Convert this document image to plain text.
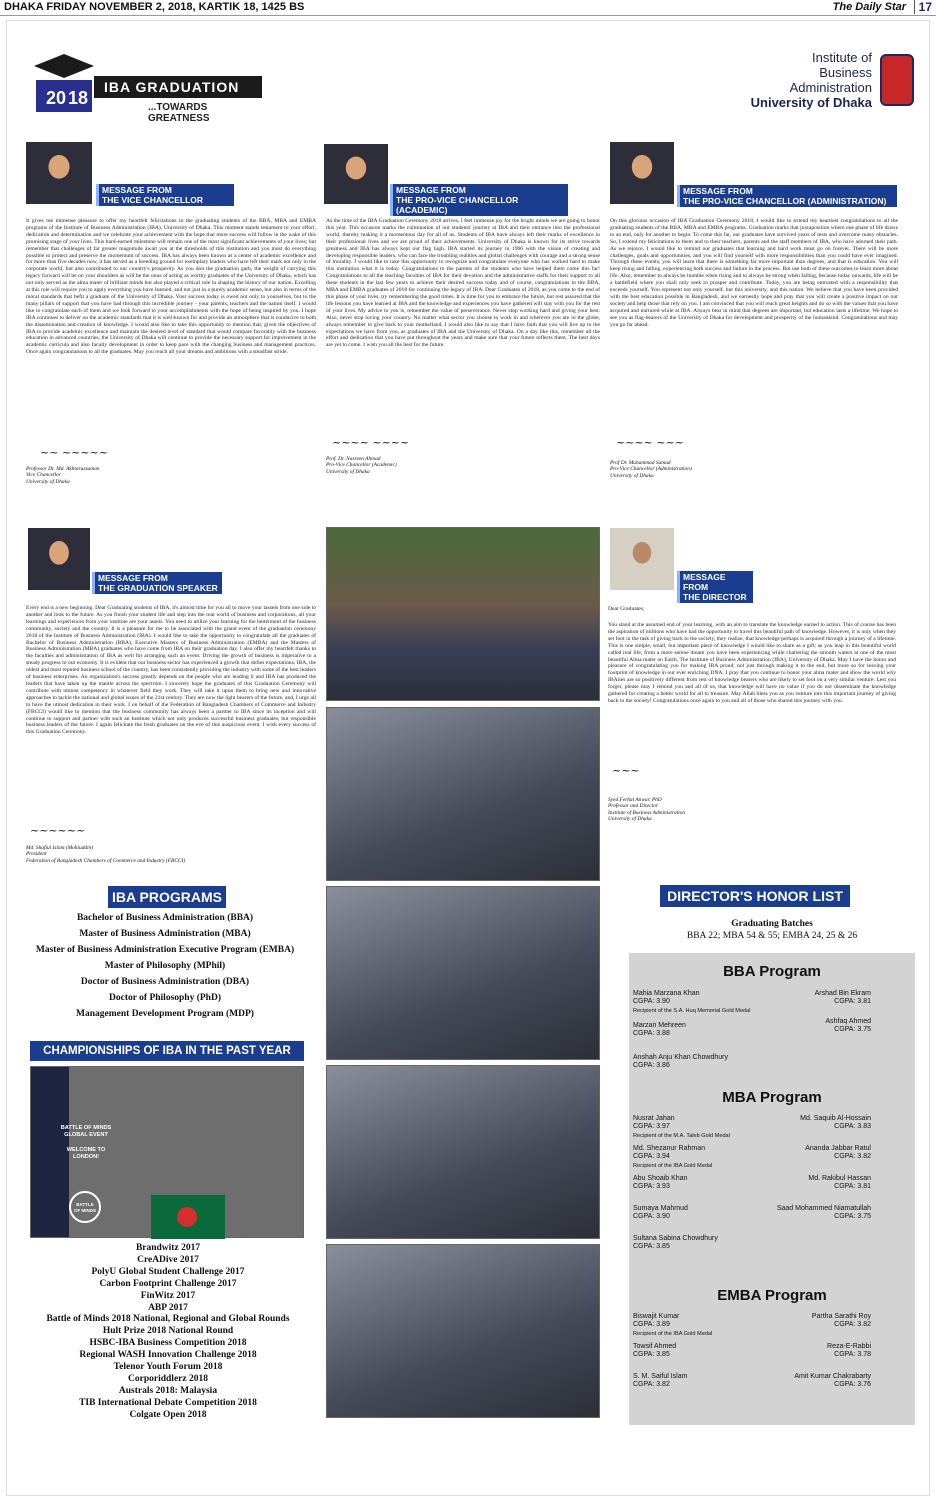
DHAKA FRIDAY NOVEMBER 2, 2018, KARTIK 18, 1425 BS	The Daily Star	17
20 18
IBA GRADUATION
...TOWARDS GREATNESS
Institute of
Business
Administration
University of Dhaka
MESSAGE FROM
THE VICE CHANCELLOR
It gives me immense pleasure to offer my heartfelt felicitations to the graduating students of the BBA, MBA and EMBA programs of the Institute of Business Administration (IBA), University of Dhaka. This moment stands testament to your effort, dedication and determination and we celebrate your achievement with the hope that more success will follow in the wake of this promising stage of your lives. This hard-earned milestone will remain one of the most significant achievements of your lives; but remember that challenges of far greater magnitude await you at the thresholds of this institution and you must do everything possible to protect and preserve the momentum of success. IBA has always been known as a center of academic excellence and for more than five decades now, it has served as a breeding ground for exemplary leaders who have left their mark not only in the corporate world, but also contributed to our country's prosperity. As you don the graduation garb, the weight of carrying this legacy forward will be on your shoulders as will be the onus of acting as worthy graduates of the University of Dhaka, which has not only served as the alma mater of brilliant minds but also played a critical role in shaping the history of our nation. Excelling at this role will require you to apply everything you have learned, and not just in a purely academic sense, but also in terms of the moral standards that befit a graduate of the University of Dhaka. Your success today is owed not only to yourselves, but to the many pillars of support that you have had through this incredible journey - your parents, teachers and the nation itself. I would like to congratulate each of them and we look forward to your accomplishments with the hope of being inspired by you. I hope IBA continues to deliver on the academic standards that it is well-known for and provide an atmosphere that is conducive to both the dissemination and creation of knowledge. I would also like to take this opportunity to mention that, given the objectives of IBA to provide academic excellence and maintain the desired level of standard that would compare favorably with the business education in advanced countries, the University of Dhaka will continue to provide the necessary support for improvement in the academic curricula and also faculty development in order to keep pace with the changing business and management practices. Once again congratulations to all the graduates. May you reach all your dreams and ambitions with a steadfast stride.
~~ ~~~~~
Professor Dr. Md. Akhtaruzzaman
Vice Chancellor
University of Dhaka
MESSAGE FROM
THE PRO-VICE CHANCELLOR (ACADEMIC)
As the time of the IBA Graduation Ceremony 2018 arrives, I feel immense joy for the bright minds we are going to honor this year. This occasion marks the culmination of our students' journey at IBA and their entrance into the professional world, thereby making it a momentous day for all of us. Students of IBA have always left their marks of excellence in their professional lives and we are proud of their achievements. University of Dhaka is known for its strive towards greatness and IBA has always kept our flag high. IBA started its journey in 1966 with the vision of creating and developing responsible leaders, who can face the troubling realities and global challenges with courage and a strong sense of morality. I would like to take this opportunity to recognize and congratulate everyone who has worked hard to make this institution what it is today. Congratulations to the parents of the students who have helped them come this far! Congratulations to all the teaching faculties of IBA for their devotion and the administrative staffs for their support to all these students in the last few years to achieve their desired success today and of course, congratulations to the BBA, MBA and EMBA graduates of 2018 for continuing the legacy of IBA. Dear Graduates of 2018, as you come to the end of this phase of your lives, try remembering the good times. It is time for you to embrace the future, but rest assured that the life lessons you have learned at IBA and the knowledge and experiences you have gathered will stay with you for the rest of your lives. My advice to you is, remember the value of perseverance. Never stop working hard and giving your best. Also, never stop loving your country. No matter what sector you choose to work in and wherever you are in the globe, always remember to give back to your motherland. I would also like to say that I have faith that you will live up to the expectations we have from you, as graduates of IBA and the University of Dhaka. On a day like this, remember all the effort and dedication that you have put throughout the years and make sure that your future reflects them. The best days are yet to come. I wish you all the best for the future.
~~~~ ~~~~
Prof. Dr. Nasreen Ahmad
Pro-Vice Chancellor (Academic)
University of Dhaka
MESSAGE FROM
THE PRO-VICE CHANCELLOR (ADMINISTRATION)
On this glorious occasion of IBA Graduation Ceremony 2018, I would like to extend my heartiest congratulations to all the graduating students of the BBA, MBA and EMBA programs. Graduation marks that juxtaposition where one phase of life draws to an end, only for another to begin. To come this far, our graduates have survived years of tests and overcome many obstacles. So, I extend my felicitations to them and to their teachers, parents and the staff members of IBA, who have adorned their path. As we rejoice, I would like to remind our graduates that learning and hard work must go on forever. There will be more challenges, goals and opportunities, and you will find yourself with more responsibilities than you could have ever imagined. Through these events, you will learn that there is something far more important than degrees, and that is education. You will keep rising and falling, experiencing both success and failure in the process. But use both of these outcomes to learn more about life. Also, remember to always be humble when rising and to always be strong when falling, because today onwards, life will be a battlefield where you shall only seek to prosper and contribute. Today, you are being entrusted with a responsibility that exceeds yourself. You represent not only yourself, but this university, and this nation. We believe that you have been provided with the best education possible in Bangladesh, and we earnestly hope and pray that you will create a positive impact on our society and help those that rely on you. I am convinced that you will reach great heights and do so with the values that you have acquired and nurtured while at IBA. Always bear in mind that degrees are important, but education lasts a lifetime. We hope to see you as flag-bearers of the University of Dhaka for development and prosperity of the humankind. Congratulations and may you go far ahead.
~~~~ ~~~
Prof Dr. Muhammad Samad
Pro-Vice Chancellor (Administration)
University of Dhaka
MESSAGE FROM
THE GRADUATION SPEAKER
Every end is a new beginning. Dear Graduating students of IBA, it's almost time for you all to move your tassels from one side to another and look to the future. As you finish your student life and step into the real world of business and corporations, all your learnings and experiences from your institute are your assets. You need to utilize your learning for the betterment of the business community, society and the country. It is a pleasure for me to be associated with the grand event of the graduation ceremony 2018 of the Institute of Business Administration (IBA). I would like to take the opportunity to congratulate all the graduates of Bachelor of Business Administration (BBA), Executive Masters of Business Administration (EMBA) and the Masters of Business Administration (MBA) graduates who have come from IBA on their graduation day. I also offer my heartfelt thanks to the faculties and administration of IBA as well for arranging such an event. Driving the growth of business is imperative to a steady progress to our economy. It is evident that our business sector has experienced a growth that defies expectations. IBA, the oldest and most reputed business school of the country, has been consistently providing the industry with some of the best leaders of business enterprises. An organization's success greatly depends on the people who are leading it and IBA has produced the leaders that have taken up the mantle across the spectrum. I sincerely hope the graduates of this Graduation Ceremony will contribute with utmost competency in whatever field they work. They will take it upon them to bring new and innovative approaches to tackle the national and global issues of the 21st century. They are now the light bearers of the future, and, I urge all to have the utmost dedication in their work. I on behalf of the Federation of Bangladesh Chambers of Commerce and Industry (FBCCI) would like to mention that the business community has always been a partner to IBA since its inception and will continue to support and partner with such an Institute which not only produces successful business graduates, but responsible business leaders of the future. I again felicitate the fresh graduates on the eve of this auspicious event. I wish every success of this Graduation Ceremony.
~~~~~~
Md. Shafiul Islam (Mohiuddin)
President
Federation of Bangladesh Chambers of Commerce and Industry (FBCCI)
MESSAGE FROM
THE DIRECTOR
Dear Graduates,
You stand at the assumed end of your learning, with an aim to translate the knowledge earned to action. This of course has been the aspiration of millions who have had the opportunity to travel this beautiful path of knowledge. However, it is only when they set foot in the task of giving back to the society, they realize, that knowledge perhaps is acquired through a journey of a lifetime. This is one simple, small, but important piece of knowledge I would like to share as a gift; as you leap in this beautiful world called real life, from a more serene dream you have been experiencing while chartering the smooth waters at one of the most beautiful Alma mater on Earth, The Institute of Business Administration (IBA), University of Dhaka. May I have the honor and pleasure of congratulating you for making IBA proud; not just through making it to the end, but more so for leaving your footprint of knowledge in our ever enriching DNA. I pray that you continue to honor your alma mater and show the world why IBAites are so positively different from rest of knowledge bearers who are likely to set foot on a very similar venture. Lest you forget, please may I remind you and all of us, that knowledge will have no value if you do not disseminate the knowledge gathered for creating a better world for all to treasure. May Allah bless you as you venture into this important journey of giving back to the society! Congratulations once again to you and all of those who shared this journey with you.
~~~
Syed Ferhat Anwar, PhD
Professor and Director
Institute of Business Administration
University of Dhaka
IBA PROGRAMS
Bachelor of Business Administration (BBA)
Master of Business Administration (MBA)
Master of Business Administration Executive Program (EMBA)
Master of Philosophy (MPhil)
Doctor of Business Administration (DBA)
Doctor of Philosophy (PhD)
Management Development Program (MDP)
CHAMPIONSHIPS OF IBA IN THE PAST YEAR
BATTLE OF MINDS
GLOBAL EVENT
WELCOME TO
LONDON!
BATTLE
OF MINDS
Brandwitz 2017
CreADive 2017
PolyU Global Student Challenge 2017
Carbon Footprint Challenge 2017
FinWitz 2017
ABP 2017
Battle of Minds 2018 National, Regional and Global Rounds
Hult Prize 2018 National Round
HSBC-IBA Business Competition 2018
Regional WASH Innovation Challenge 2018
Telenor Youth Forum 2018
Corporiddlerz 2018
Australs 2018: Malaysia
TIB International Debate Competition 2018
Colgate Open 2018
DIRECTOR'S HONOR LIST
Graduating Batches
BBA 22; MBA 54 & 55; EMBA 24, 25 & 26
BBA Program
MBA Program
EMBA Program
Mahia Marzana Khan
CGPA: 3.90
Recipient of the S.A. Huq Memorial Gold Medal
Marzan Mehreen
CGPA: 3.88
Anshah Anju Khan Chowdhury
CGPA: 3.86
Arshad Bin Ekram
CGPA: 3.81
Ashfaq Ahmed
CGPA: 3.75
Nusrat Jahan
CGPA: 3.97
Recipient of the M.A. Taleb Gold Medal
Md. Shezanur Rahman
CGPA: 3.94
Recipient of the IBA Gold Medal
Abu Shoaib Khan
CGPA: 3.93
Sumaya Mahmud
CGPA: 3.90
Sultana Sabina Chowdhury
CGPA: 3.85
Md. Saquib Al-Hossain
CGPA: 3.83
Ananda Jabbar Ratul
CGPA: 3.82
Md. Rakibul Hassan
CGPA: 3.81
Saad Mohammed Niamatullah
CGPA: 3.75
Biswajit Kumar
CGPA: 3.89
Recipient of the IBA Gold Medal
Towsif Ahmed
CGPA: 3.85
S. M. Saiful Islam
CGPA: 3.82
Partha Sarathi Roy
CGPA: 3.82
Reza-E-Rabbi
CGPA: 3.78
Amit Kumar Chakrabarty
CGPA: 3.76
